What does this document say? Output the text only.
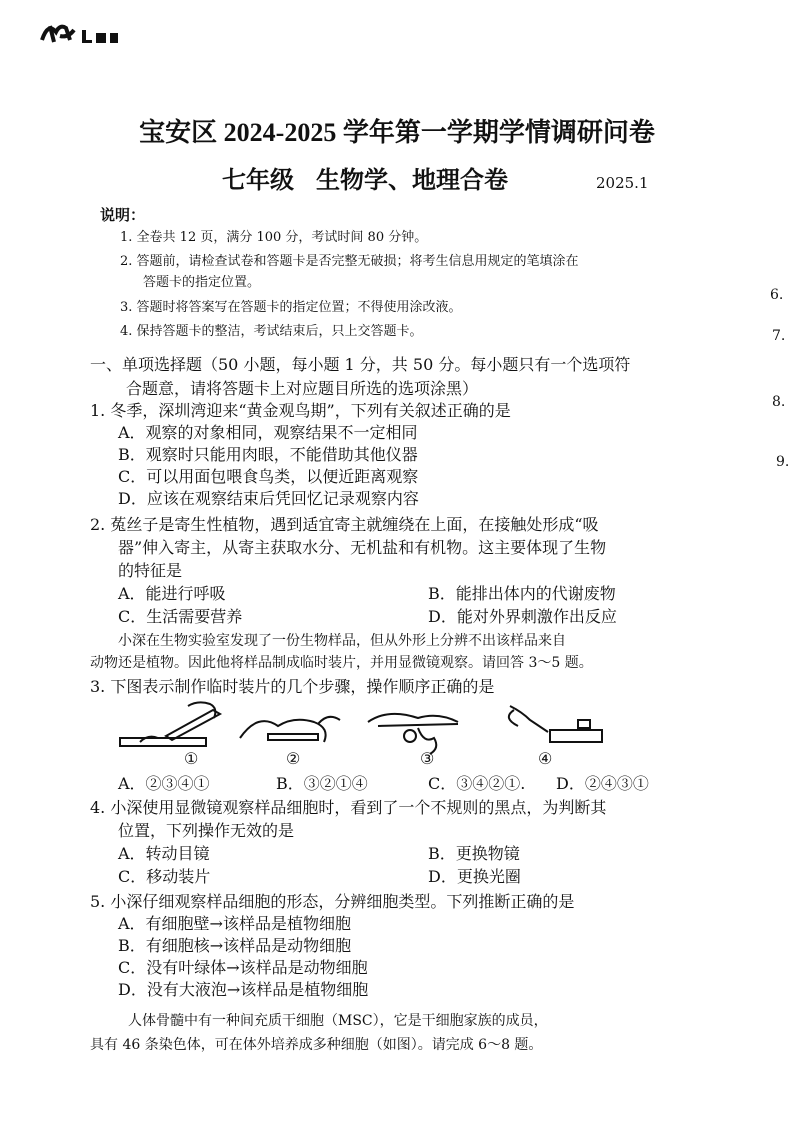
宝安区 2024-2025 学年第一学期学情调研问卷
七年级 生物学、地理合卷	2025.1
说明：
1. 全卷共 12 页，满分 100 分，考试时间 80 分钟。
2. 答题前，请检查试卷和答题卡是否完整无破损；将考生信息用规定的笔填涂在
答题卡的指定位置。
3. 答题时将答案写在答题卡的指定位置；不得使用涂改液。
4. 保持答题卡的整洁，考试结束后，只上交答题卡。
6.
7.
8.
9.
一、单项选择题（50 小题，每小题 1 分，共 50 分。每小题只有一个选项符
合题意，请将答题卡上对应题目所选的选项涂黑）
1. 冬季，深圳湾迎来“黄金观鸟期”，下列有关叙述正确的是
A．观察的对象相同，观察结果不一定相同
B．观察时只能用肉眼，不能借助其他仪器
C．可以用面包喂食鸟类，以便近距离观察
D．应该在观察结束后凭回忆记录观察内容
2. 菟丝子是寄生性植物，遇到适宜寄主就缠绕在上面，在接触处形成“吸
器”伸入寄主，从寄主获取水分、无机盐和有机物。这主要体现了生物
的特征是
A．能进行呼吸	B．能排出体内的代谢废物
C．生活需要营养	D．能对外界刺激作出反应
小深在生物实验室发现了一份生物样品，但从外形上分辨不出该样品来自
动物还是植物。因此他将样品制成临时装片，并用显微镜观察。请回答 3～5 题。
3. 下图表示制作临时装片的几个步骤，操作顺序正确的是
①	②	③	④
A．②③④①	B．③②①④	C．③④②①. D．②④③①
4. 小深使用显微镜观察样品细胞时，看到了一个不规则的黑点，为判断其
位置，下列操作无效的是
A．转动目镜	B．更换物镜
C．移动装片	D．更换光圈
5. 小深仔细观察样品细胞的形态，分辨细胞类型。下列推断正确的是
A．有细胞壁→该样品是植物细胞
B．有细胞核→该样品是动物细胞
C．没有叶绿体→该样品是动物细胞
D．没有大液泡→该样品是植物细胞
人体骨髓中有一种间充质干细胞（MSC），它是干细胞家族的成员，
具有 46 条染色体，可在体外培养成多种细胞（如图）。请完成 6～8 题。
